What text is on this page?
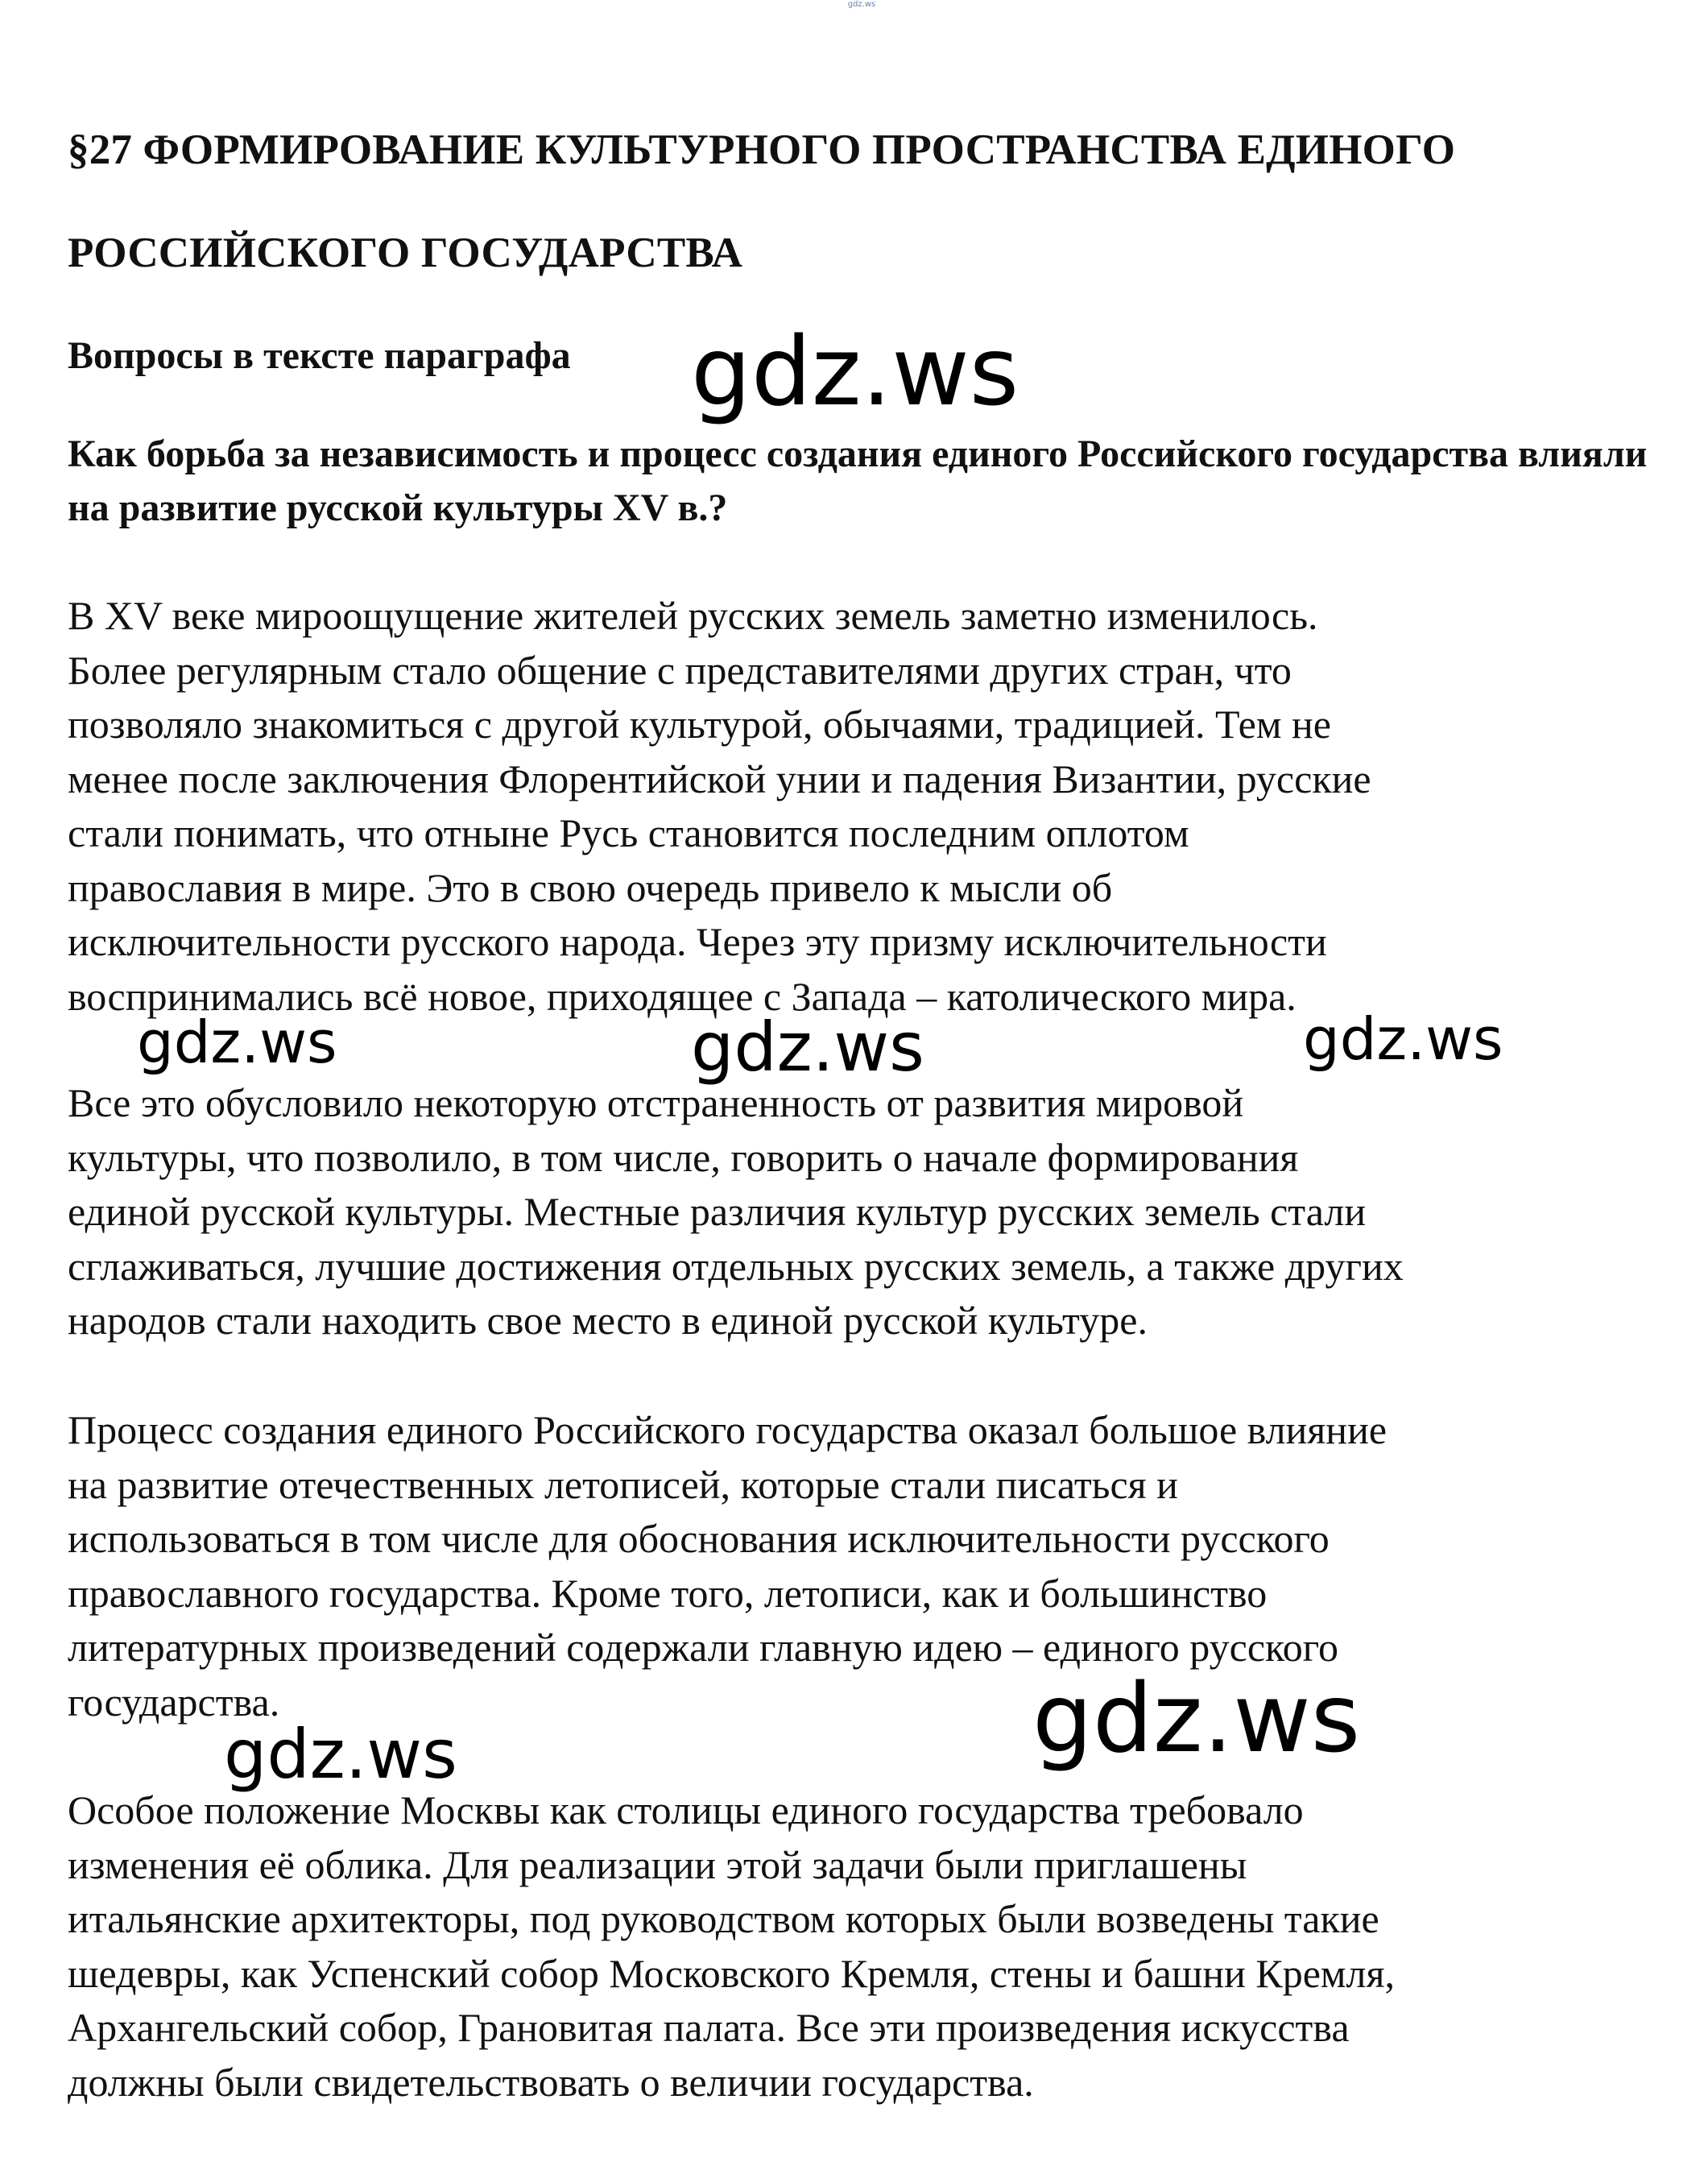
gdz.ws
§27 ФОРМИРОВАНИЕ КУЛЬТУРНОГО ПРОСТРАНСТВА ЕДИНОГО РОССИЙСКОГО ГОСУДАРСТВА
Вопросы в тексте параграфа
Как борьба за независимость и процесс создания единого Российского государства влияли на развитие русской культуры XV в.?

В XV веке мироощущение жителей русских земель заметно изменилось.
Более регулярным стало общение с представителями других стран, что
позволяло знакомиться с другой культурой, обычаями, традицией. Тем не
менее после заключения Флорентийской унии и падения Византии, русские
стали понимать, что отныне Русь становится последним оплотом
православия в мире. Это в свою очередь привело к мысли об
исключительности русского народа. Через эту призму исключительности
воспринимались всё новое, приходящее с Запада – католического мира.

Все это обусловило некоторую отстраненность от развития мировой
культуры, что позволило, в том числе, говорить о начале формирования
единой русской культуры. Местные различия культур русских земель стали
сглаживаться, лучшие достижения отдельных русских земель, а также других
народов стали находить свое место в единой русской культуре.

Процесс создания единого Российского государства оказал большое влияние
на развитие отечественных летописей, которые стали писаться и
использоваться в том числе для обоснования исключительности русского
православного государства. Кроме того, летописи, как и большинство
литературных произведений содержали главную идею – единого русского
государства.

Особое положение Москвы как столицы единого государства требовало
изменения её облика. Для реализации этой задачи были приглашены
итальянские архитекторы, под руководством которых были возведены такие
шедевры, как Успенский собор Московского Кремля, стены и башни Кремля,
Архангельский собор, Грановитая палата. Все эти произведения искусства
должны были свидетельствовать о величии государства.

gdz.ws
gdz.ws	gdz.ws	gdz.ws
gdz.ws
gdz.ws
